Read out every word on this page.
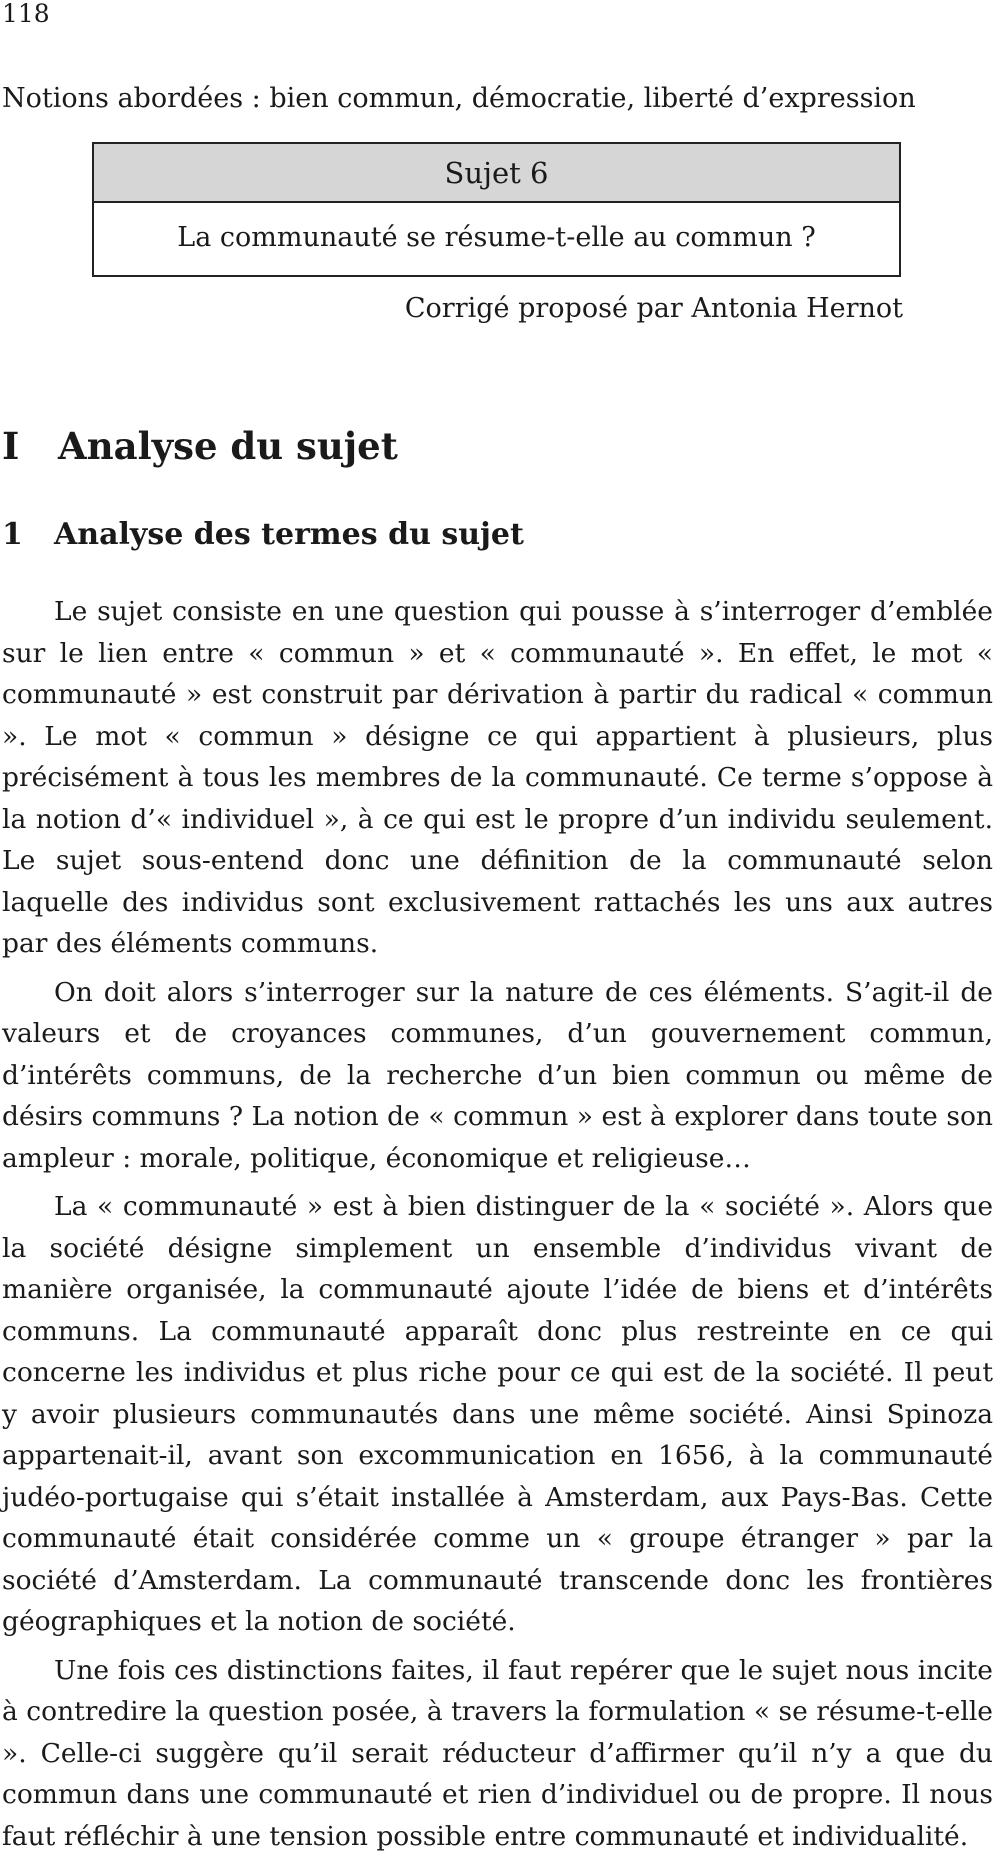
118
Notions abordées : bien commun, démocratie, liberté d’expression
Sujet 6
La communauté se résume-t-elle au commun ?
Corrigé proposé par Antonia Hernot
I Analyse du sujet
1 Analyse des termes du sujet

Le sujet consiste en une question qui pousse à s’interroger d’emblée sur le lien entre « commun » et « communauté ». En effet, le mot « communauté » est construit par dérivation à partir du radical « commun ». Le mot « commun » désigne ce qui appartient à plusieurs, plus précisément à tous les membres de la communauté. Ce terme s’oppose à la notion d’« individuel », à ce qui est le propre d’un individu seulement. Le sujet sous-entend donc une définition de la communauté selon laquelle des individus sont exclusivement rattachés les uns aux autres par des éléments communs.

On doit alors s’interroger sur la nature de ces éléments. S’agit-il de valeurs et de croyances communes, d’un gouvernement commun, d’intérêts communs, de la recherche d’un bien commun ou même de désirs communs ? La notion de « commun » est à explorer dans toute son ampleur : morale, politique, économique et religieuse…

La « communauté » est à bien distinguer de la « société ». Alors que la société désigne simplement un ensemble d’individus vivant de manière organisée, la communauté ajoute l’idée de biens et d’intérêts communs. La communauté apparaît donc plus restreinte en ce qui concerne les individus et plus riche pour ce qui est de la société. Il peut y avoir plusieurs communautés dans une même société. Ainsi Spinoza appartenait-il, avant son excommunication en 1656, à la communauté judéo-portugaise qui s’était installée à Amsterdam, aux Pays-Bas. Cette communauté était considérée comme un « groupe étranger » par la société d’Amsterdam. La communauté transcende donc les frontières géographiques et la notion de société.

Une fois ces distinctions faites, il faut repérer que le sujet nous incite à contredire la question posée, à travers la formulation « se résume-t-elle ». Celle-ci suggère qu’il serait réducteur d’affirmer qu’il n’y a que du commun dans une communauté et rien d’individuel ou de propre. Il nous faut réfléchir à une tension possible entre communauté et individualité.
